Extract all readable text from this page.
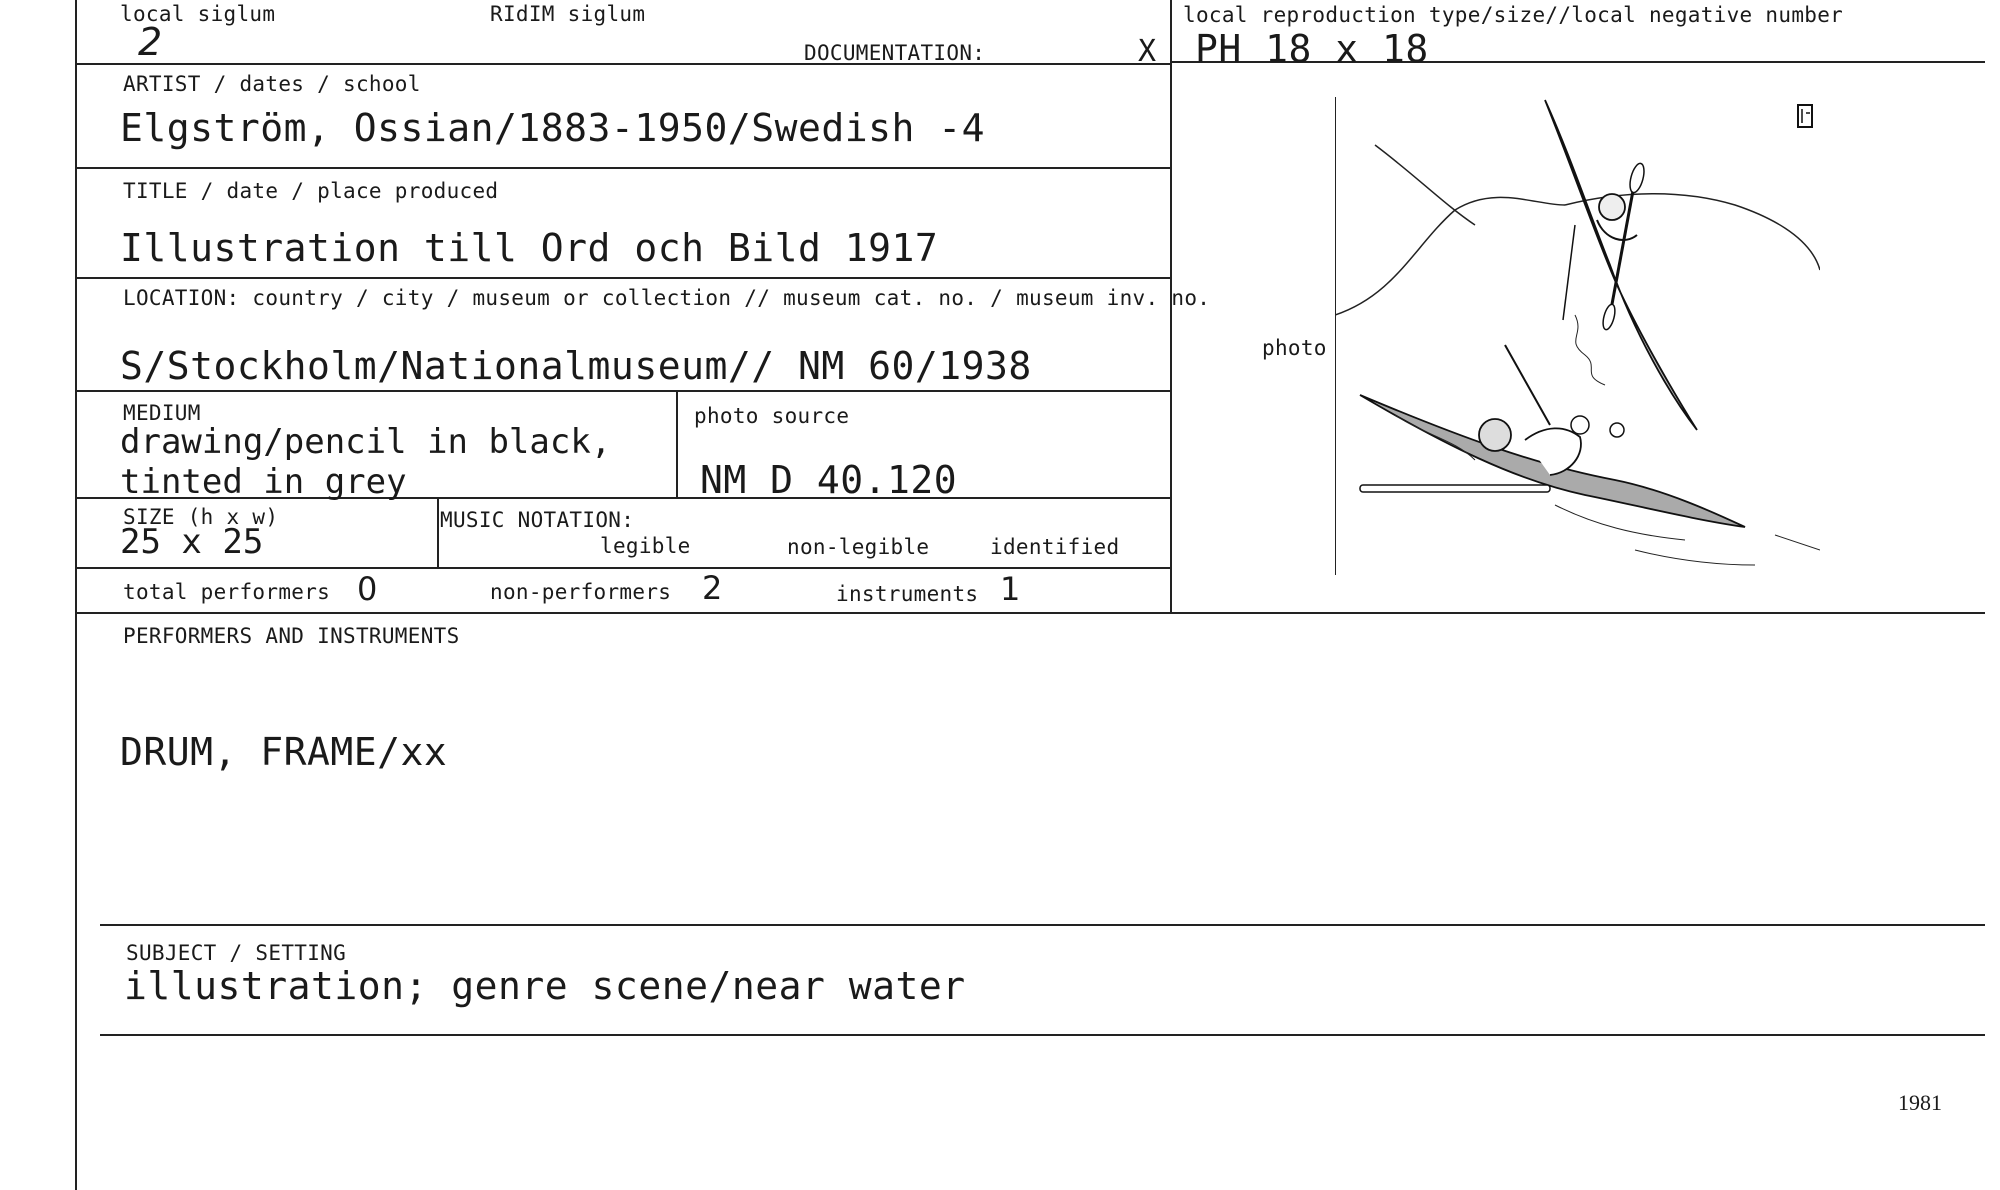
local siglum
2
RIdIM siglum
DOCUMENTATION:	X
local reproduction type/size//local negative number
PH 18 x 18
ARTIST / dates / school
Elgström, Ossian/1883-1950/Swedish -4
TITLE / date / place produced
Illustration till Ord och Bild 1917
LOCATION: country / city / museum or collection // museum cat. no. / museum inv. no.
S/Stockholm/Nationalmuseum// NM 60/1938
MEDIUM
drawing/pencil in black,
tinted in grey
photo source
NM D 40.120
SIZE (h x w)
25 x 25
MUSIC NOTATION:
legible	non-legible	identified
total performers 0	non-performers 2	instruments 1
photo
PERFORMERS AND INSTRUMENTS
DRUM, FRAME/xx
SUBJECT / SETTING
illustration; genre scene/near water
1981
